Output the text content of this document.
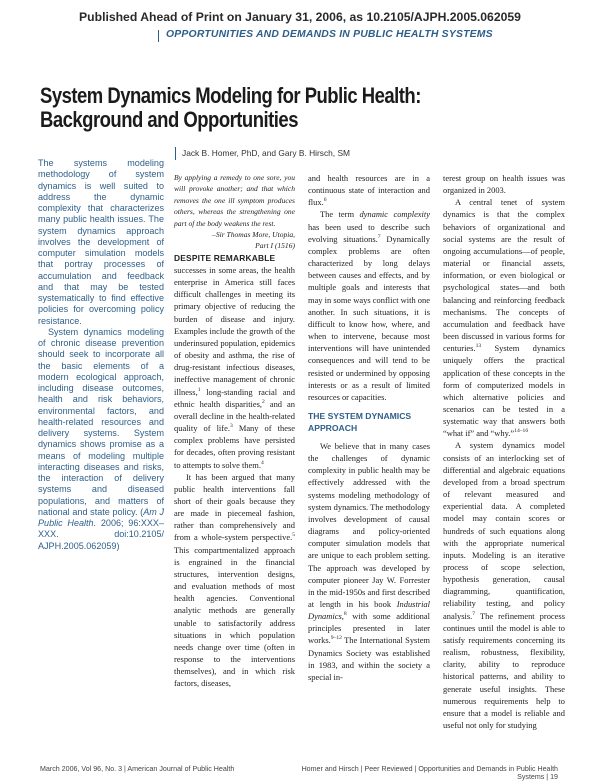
Published Ahead of Print on January 31, 2006, as 10.2105/AJPH.2005.062059
OPPORTUNITIES AND DEMANDS IN PUBLIC HEALTH SYSTEMS
System Dynamics Modeling for Public Health:
Background and Opportunities

The systems modeling methodology of system dynamics is well suited to address the dynamic complexity that characterizes many public health issues. The system dynamics approach involves the development of computer simulation models that portray processes of accumulation and feedback and that may be tested systematically to find effective policies for overcoming policy resistance.

System dynamics modeling of chronic disease prevention should seek to incorporate all the basic elements of a modern ecological approach, including disease outcomes, health and risk behaviors, environmental factors, and health-related resources and delivery systems. System dynamics shows promise as a means of modeling multiple interacting diseases and risks, the interaction of delivery systems and diseased populations, and matters of national and state policy. (Am J Public Health. 2006; 96:XXX–XXX. doi:10.2105/ AJPH.2005.062059)

Jack B. Homer, PhD, and Gary B. Hirsch, SM

By applying a remedy to one sore, you will provoke another; and that which removes the one ill symptom produces others, whereas the strengthening one part of the body weakens the rest.

–Sir Thomas More, Utopia,

Part I (1516)

DESPITE REMARKABLE

successes in some areas, the health enterprise in America still faces difficult challenges in meeting its primary objective of reducing the burden of disease and injury. Examples include the growth of the underinsured population, epidemics of obesity and asthma, the rise of drug-resistant infectious diseases, ineffective management of chronic illness,$^1$ long-standing racial and ethnic health disparities,$^2$ and an overall decline in the health-related quality of life.$^3$ Many of these complex problems have persisted for decades, often proving resistant to attempts to solve them.$^4$

It has been argued that many public health interventions fall short of their goals because they are made in piecemeal fashion, rather than comprehensively and from a whole-system perspective.$^5$ This compartmentalized approach is engrained in the financial structures, intervention designs, and evaluation methods of most health agencies. Conventional analytic methods are generally unable to satisfactorily address situations in which population needs change over time (often in response to the interventions themselves), and in which risk factors, diseases,

and health resources are in a continuous state of interaction and flux.$^6$

The term dynamic complexity has been used to describe such evolving situations.$^7$ Dynamically complex problems are often characterized by long delays between causes and effects, and by multiple goals and interests that may in some ways conflict with one another. In such situations, it is difficult to know how, where, and when to intervene, because most interventions will have unintended consequences and will tend to be resisted or undermined by opposing interests or as a result of limited resources or capacities.

THE SYSTEM DYNAMICS
APPROACH

We believe that in many cases the challenges of dynamic complexity in public health may be effectively addressed with the systems modeling methodology of system dynamics. The methodology involves development of causal diagrams and policy-oriented computer simulation models that are unique to each problem setting. The approach was developed by computer pioneer Jay W. Forrester in the mid-1950s and first described at length in his book Industrial Dynamics,$^8$ with some additional principles presented in later works.$^{9-12}$ The International System Dynamics Society was established in 1983, and within the society a special in-

terest group on health issues was organized in 2003.

A central tenet of system dynamics is that the complex behaviors of organizational and social systems are the result of ongoing accumulations—of people, material or financial assets, information, or even biological or psychological states—and both balancing and reinforcing feedback mechanisms. The concepts of accumulation and feedback have been discussed in various forms for centuries.$^{13}$ System dynamics uniquely offers the practical application of these concepts in the form of computerized models in which alternative policies and scenarios can be tested in a systematic way that answers both “what if” and “why.”$^{14-16}$

A system dynamics model consists of an interlocking set of differential and algebraic equations developed from a broad spectrum of relevant measured and experiential data. A completed model may contain scores or hundreds of such equations along with the appropriate numerical inputs. Modeling is an iterative process of scope selection, hypothesis generation, causal diagramming, quantification, reliability testing, and policy analysis.$^7$ The refinement process continues until the model is able to satisfy requirements concerning its realism, robustness, flexibility, clarity, ability to reproduce historical patterns, and ability to generate useful insights. These numerous requirements help to ensure that a model is reliable and useful not only for studying

March 2006, Vol 96, No. 3 | American Journal of Public Health	Homer and Hirsch | Peer Reviewed | Opportunities and Demands in Public Health Systems | 19
